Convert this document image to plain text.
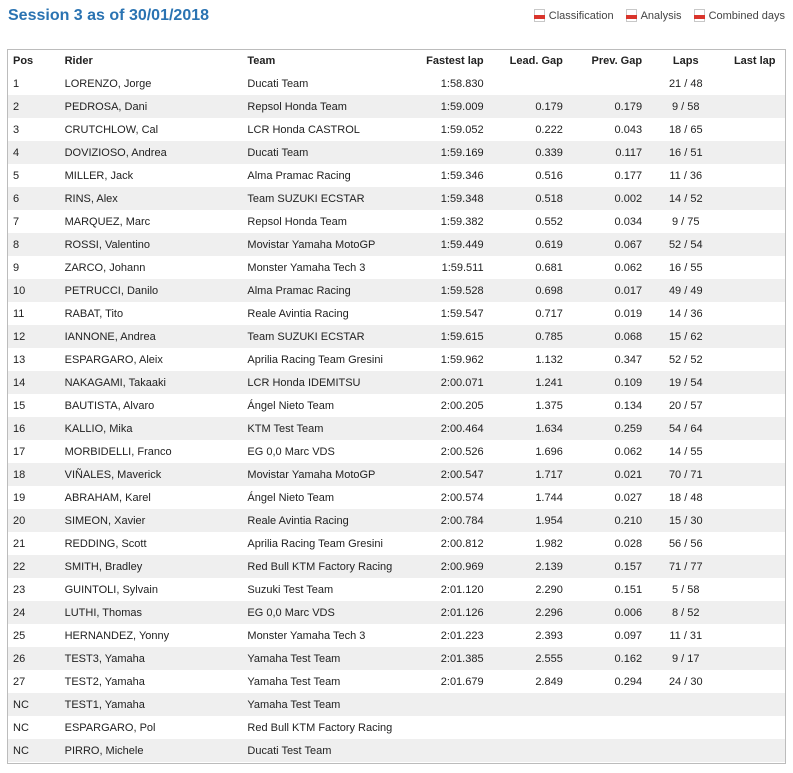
Session 3 as of 30/01/2018	Classification Analysis Combined days
Pos	Rider	Team	Fastest lap	Lead. Gap	Prev. Gap	Laps	Last lap
1	LORENZO, Jorge	Ducati Team	1:58.830			21 / 48	
2	PEDROSA, Dani	Repsol Honda Team	1:59.009	0.179	0.179	9 / 58	
3	CRUTCHLOW, Cal	LCR Honda CASTROL	1:59.052	0.222	0.043	18 / 65	
4	DOVIZIOSO, Andrea	Ducati Team	1:59.169	0.339	0.117	16 / 51	
5	MILLER, Jack	Alma Pramac Racing	1:59.346	0.516	0.177	11 / 36	
6	RINS, Alex	Team SUZUKI ECSTAR	1:59.348	0.518	0.002	14 / 52	
7	MARQUEZ, Marc	Repsol Honda Team	1:59.382	0.552	0.034	9 / 75	
8	ROSSI, Valentino	Movistar Yamaha MotoGP	1:59.449	0.619	0.067	52 / 54	
9	ZARCO, Johann	Monster Yamaha Tech 3	1:59.511	0.681	0.062	16 / 55	
10	PETRUCCI, Danilo	Alma Pramac Racing	1:59.528	0.698	0.017	49 / 49	
11	RABAT, Tito	Reale Avintia Racing	1:59.547	0.717	0.019	14 / 36	
12	IANNONE, Andrea	Team SUZUKI ECSTAR	1:59.615	0.785	0.068	15 / 62	
13	ESPARGARO, Aleix	Aprilia Racing Team Gresini	1:59.962	1.132	0.347	52 / 52	
14	NAKAGAMI, Takaaki	LCR Honda IDEMITSU	2:00.071	1.241	0.109	19 / 54	
15	BAUTISTA, Alvaro	Ángel Nieto Team	2:00.205	1.375	0.134	20 / 57	
16	KALLIO, Mika	KTM Test Team	2:00.464	1.634	0.259	54 / 64	
17	MORBIDELLI, Franco	EG 0,0 Marc VDS	2:00.526	1.696	0.062	14 / 55	
18	VIÑALES, Maverick	Movistar Yamaha MotoGP	2:00.547	1.717	0.021	70 / 71	
19	ABRAHAM, Karel	Ángel Nieto Team	2:00.574	1.744	0.027	18 / 48	
20	SIMEON, Xavier	Reale Avintia Racing	2:00.784	1.954	0.210	15 / 30	
21	REDDING, Scott	Aprilia Racing Team Gresini	2:00.812	1.982	0.028	56 / 56	
22	SMITH, Bradley	Red Bull KTM Factory Racing	2:00.969	2.139	0.157	71 / 77	
23	GUINTOLI, Sylvain	Suzuki Test Team	2:01.120	2.290	0.151	5 / 58	
24	LUTHI, Thomas	EG 0,0 Marc VDS	2:01.126	2.296	0.006	8 / 52	
25	HERNANDEZ, Yonny	Monster Yamaha Tech 3	2:01.223	2.393	0.097	11 / 31	
26	TEST3, Yamaha	Yamaha Test Team	2:01.385	2.555	0.162	9 / 17	
27	TEST2, Yamaha	Yamaha Test Team	2:01.679	2.849	0.294	24 / 30	
NC	TEST1, Yamaha	Yamaha Test Team					
NC	ESPARGARO, Pol	Red Bull KTM Factory Racing					
NC	PIRRO, Michele	Ducati Test Team					
